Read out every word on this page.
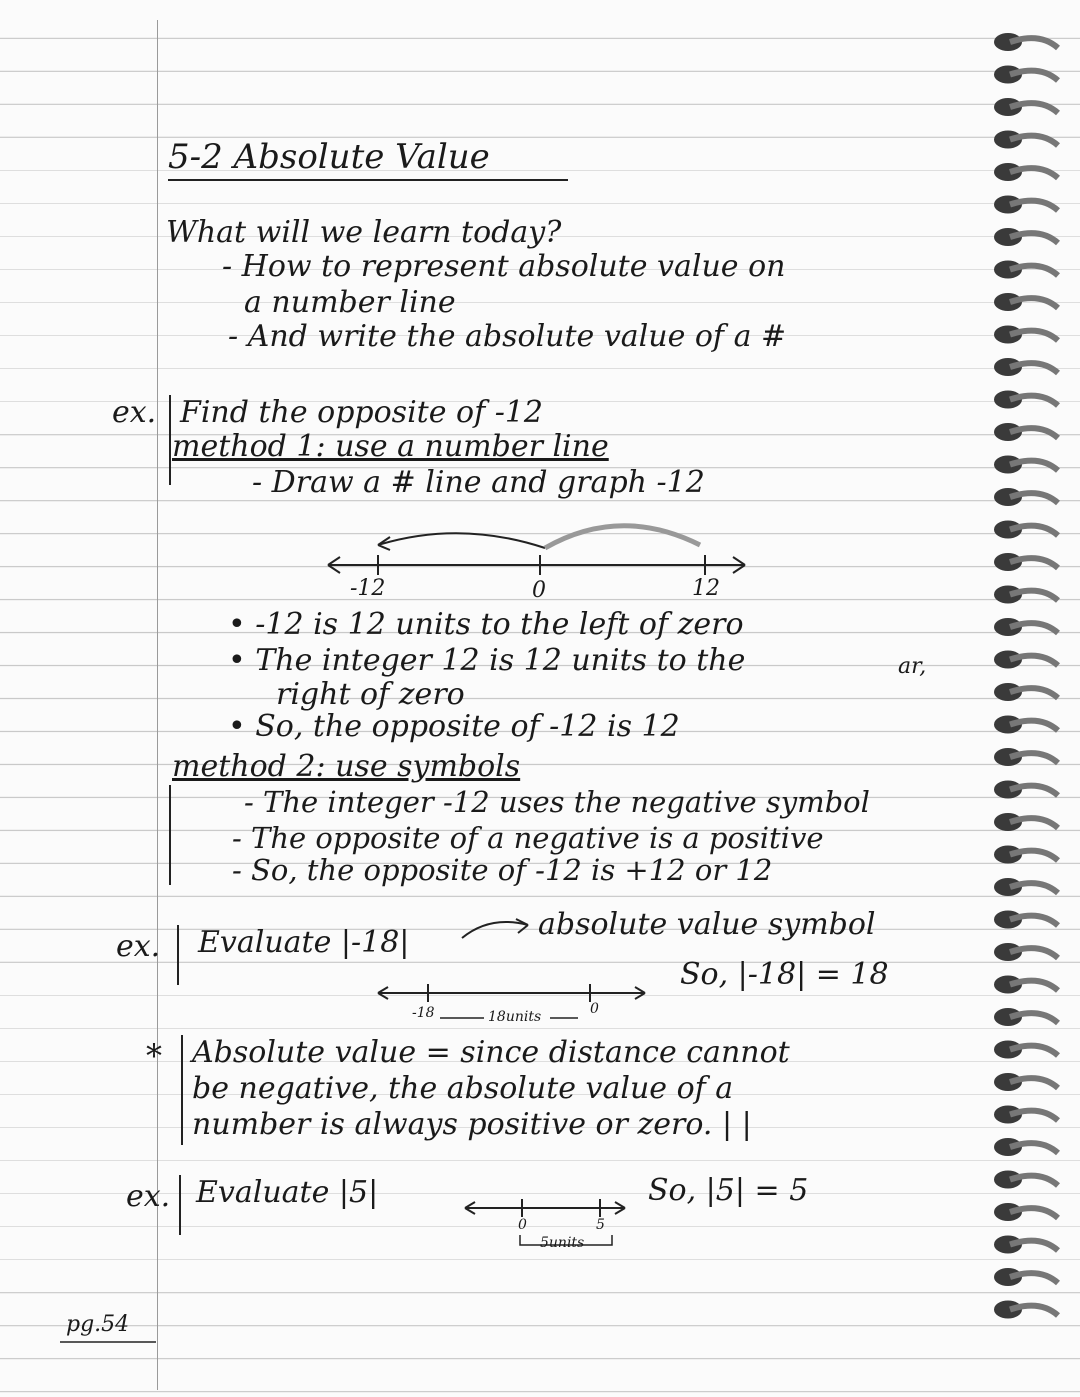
5-2 Absolute Value
What will we learn today?
- How to represent absolute value on
a number line
- And write the absolute value of a #
ex. Find the opposite of -12
method 1: use a number line
- Draw a # line and graph -12
-12	0	12
• -12 is 12 units to the left of zero
• The integer 12 is 12 units to the	ar,
right of zero
• So, the opposite of -12 is 12
method 2: use symbols
- The integer -12 uses the negative symbol
- The opposite of a negative is a positive
- So, the opposite of -12 is +12 or 12
ex. Evaluate |-18|
absolute value symbol
So, |-18| = 18
-18	18units	0
* Absolute value = since distance cannot
be negative, the absolute value of a
number is always positive or zero. | |
ex. Evaluate |5|
0	5
5units
So, |5| = 5
pg.54
